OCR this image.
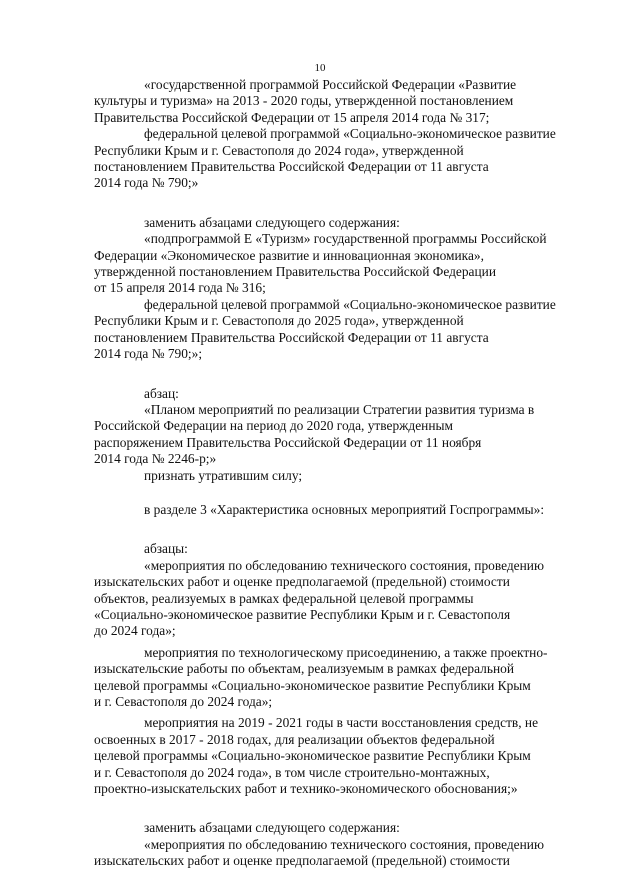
10

«государственной программой Российской Федерации «Развитие
культуры и туризма» на 2013 - 2020 годы, утвержденной постановлением
Правительства Российской Федерации от 15 апреля 2014 года № 317;

федеральной целевой программой «Социально-экономическое развитие
Республики Крым и г. Севастополя до 2024 года», утвержденной
постановлением Правительства Российской Федерации от 11 августа
2014 года № 790;»

заменить абзацами следующего содержания:

«подпрограммой Е «Туризм» государственной программы Российской
Федерации «Экономическое развитие и инновационная экономика»,
утвержденной постановлением Правительства Российской Федерации
от 15 апреля 2014 года № 316;

федеральной целевой программой «Социально-экономическое развитие
Республики Крым и г. Севастополя до 2025 года», утвержденной
постановлением Правительства Российской Федерации от 11 августа
2014 года № 790;»;

абзац:

«Планом мероприятий по реализации Стратегии развития туризма в
Российской Федерации на период до 2020 года, утвержденным
распоряжением Правительства Российской Федерации от 11 ноября
2014 года № 2246-р;»

признать утратившим силу;

в разделе 3 «Характеристика основных мероприятий Госпрограммы»:

абзацы:

«мероприятия по обследованию технического состояния, проведению
изыскательских работ и оценке предполагаемой (предельной) стоимости
объектов, реализуемых в рамках федеральной целевой программы
«Социально-экономическое развитие Республики Крым и г. Севастополя
до 2024 года»;

мероприятия по технологическому присоединению, а также проектно-
изыскательские работы по объектам, реализуемым в рамках федеральной
целевой программы «Социально-экономическое развитие Республики Крым
и г. Севастополя до 2024 года»;

мероприятия на 2019 - 2021 годы в части восстановления средств, не
освоенных в 2017 - 2018 годах, для реализации объектов федеральной
целевой программы «Социально-экономическое развитие Республики Крым
и г. Севастополя до 2024 года», в том числе строительно-монтажных,
проектно-изыскательских работ и технико-экономического обоснования;»

заменить абзацами следующего содержания:

«мероприятия по обследованию технического состояния, проведению
изыскательских работ и оценке предполагаемой (предельной) стоимости
